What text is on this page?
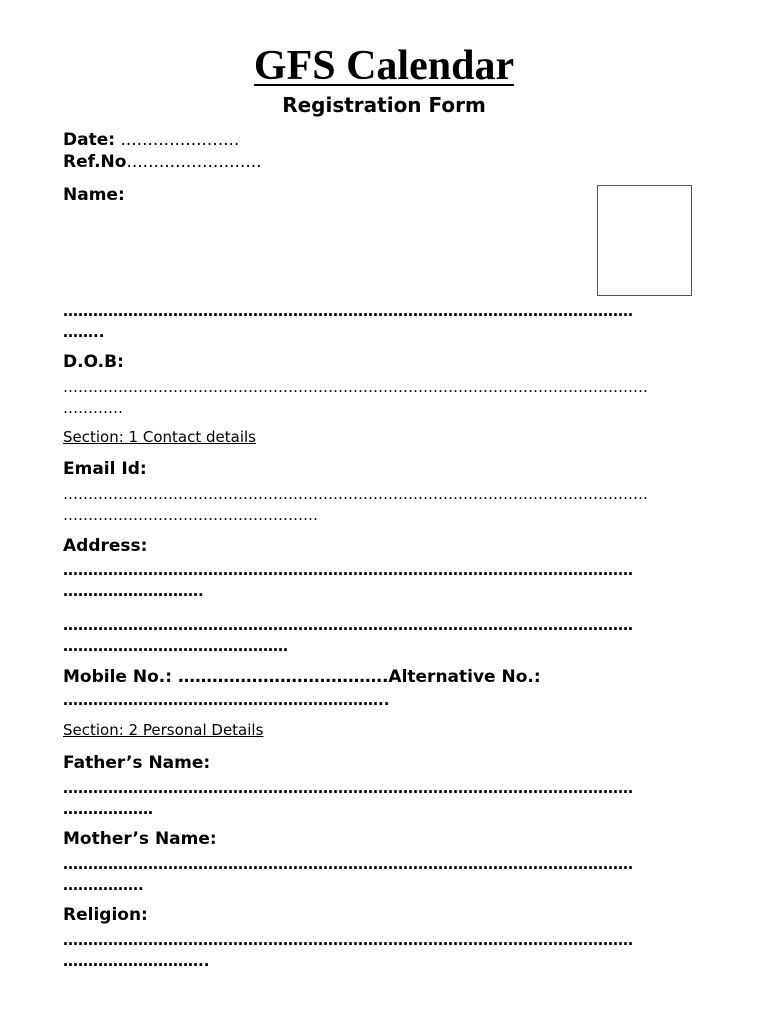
GFS Calendar
Registration Form
Date: ......................
Ref.No.........................
Name:
……………………………………………………………………………………………………
……..
D.O.B:
………………………………………………………………………………………………………
…………
Section: 1 Contact details
Email Id:
………………………………………………………………………………………………………
……………………………………………
Address:
……………………………………………………………………………………………………
……………………….
……………………………………………………………………………………………………
………………………………………
Mobile No.: ……………………………….Alternative No.:
………………………………………………………..
Section: 2 Personal Details
Father’s Name:
……………………………………………………………………………………………………
………………
Mother’s Name:
……………………………………………………………………………………………………
…………….
Religion:
……………………………………………………………………………………………………
………………………..
